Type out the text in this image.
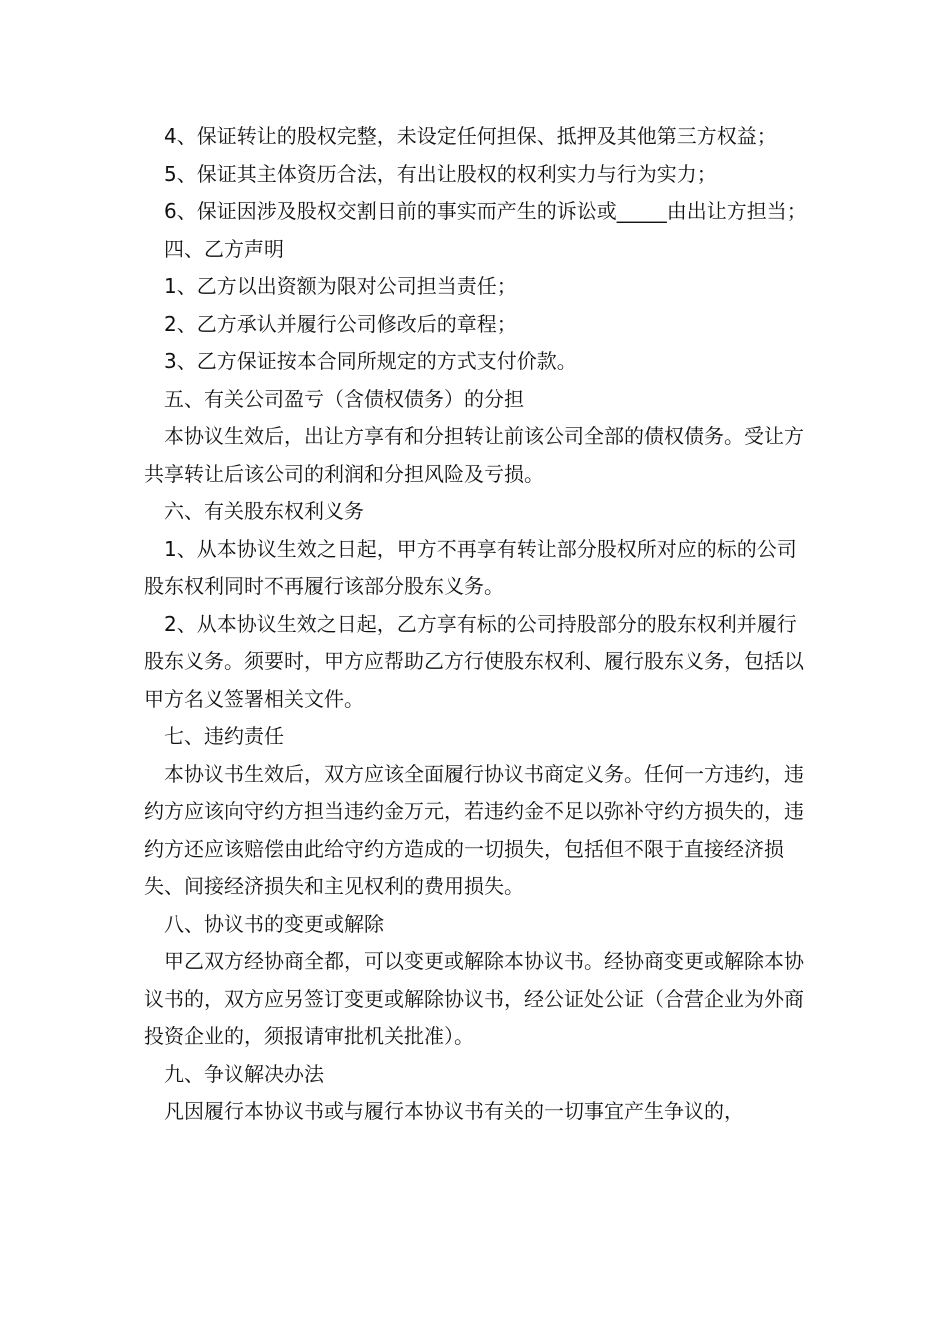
4、保证转让的股权完整，未设定任何担保、抵押及其他第三方权益；

5、保证其主体资历合法，有出让股权的权利实力与行为实力；

6、保证因涉及股权交割日前的事实而产生的诉讼或_____由出让方担当；

四、乙方声明

1、乙方以出资额为限对公司担当责任；

2、乙方承认并履行公司修改后的章程；

3、乙方保证按本合同所规定的方式支付价款。

五、有关公司盈亏（含债权债务）的分担

本协议生效后，出让方享有和分担转让前该公司全部的债权债务。受让方共享转让后该公司的利润和分担风险及亏损。

六、有关股东权利义务

1、从本协议生效之日起，甲方不再享有转让部分股权所对应的标的公司股东权利同时不再履行该部分股东义务。

2、从本协议生效之日起，乙方享有标的公司持股部分的股东权利并履行股东义务。须要时，甲方应帮助乙方行使股东权利、履行股东义务，包括以甲方名义签署相关文件。

七、违约责任

本协议书生效后，双方应该全面履行协议书商定义务。任何一方违约，违约方应该向守约方担当违约金万元，若违约金不足以弥补守约方损失的，违约方还应该赔偿由此给守约方造成的一切损失，包括但不限于直接经济损失、间接经济损失和主见权利的费用损失。

八、协议书的变更或解除

甲乙双方经协商全都，可以变更或解除本协议书。经协商变更或解除本协议书的，双方应另签订变更或解除协议书，经公证处公证（合营企业为外商投资企业的，须报请审批机关批准）。

九、争议解决办法

凡因履行本协议书或与履行本协议书有关的一切事宜产生争议的，
